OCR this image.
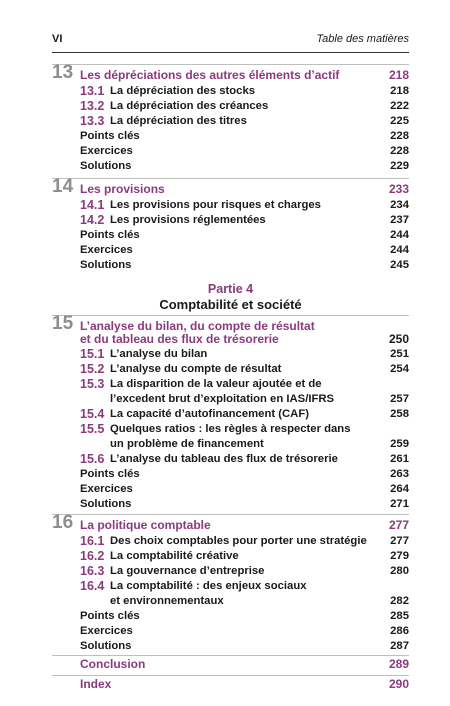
VI	Table des matières
13 Les dépréciations des autres éléments d’actif	218
13.1 La dépréciation des stocks	218
13.2 La dépréciation des créances	222
13.3 La dépréciation des titres	225
Points clés	228
Exercices	228
Solutions	229
14 Les provisions	233
14.1 Les provisions pour risques et charges	234
14.2 Les provisions réglementées	237
Points clés	244
Exercices	244
Solutions	245
Partie 4
Comptabilité et société
15 L’analyse du bilan, du compte de résultat
et du tableau des flux de trésorerie	250
15.1 L’analyse du bilan	251
15.2 L’analyse du compte de résultat	254
15.3 La disparition de la valeur ajoutée et de
l’excedent brut d’exploitation en IAS/IFRS	257
15.4 La capacité d’autofinancement (CAF)	258
15.5 Quelques ratios : les règles à respecter dans
un problème de financement	259
15.6 L’analyse du tableau des flux de trésorerie	261
Points clés	263
Exercices	264
Solutions	271
16 La politique comptable	277
16.1 Des choix comptables pour porter une stratégie 277
16.2 La comptabilité créative	279
16.3 La gouvernance d’entreprise	280
16.4 La comptabilité : des enjeux sociaux
et environnementaux	282
Points clés	285
Exercices	286
Solutions	287
Conclusion	289
Index	290
